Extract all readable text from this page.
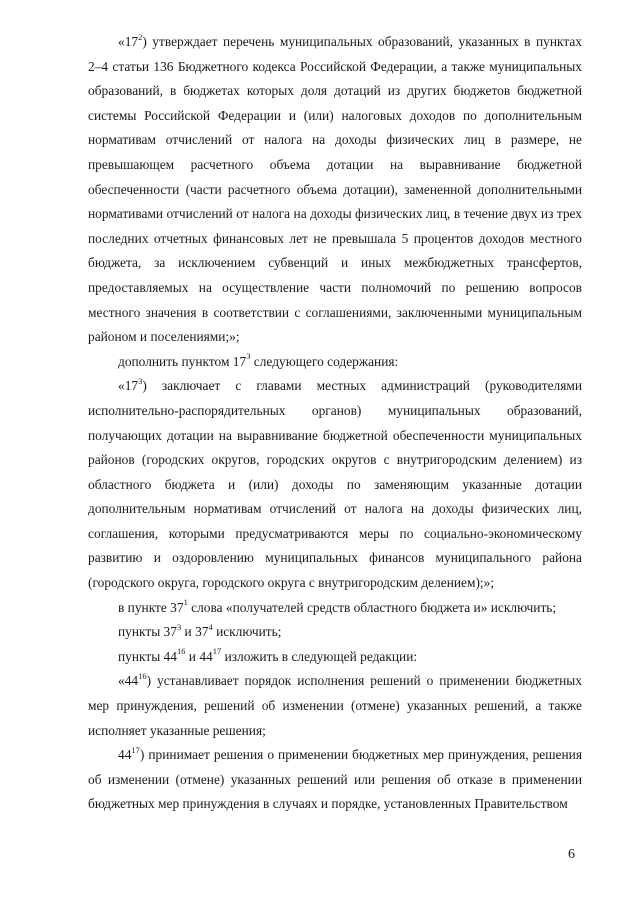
«$17^2$) утверждает перечень муниципальных образований, указанных в пунктах 2–4 статьи 136 Бюджетного кодекса Российской Федерации, а также муниципальных образований, в бюджетах которых доля дотаций из других бюджетов бюджетной системы Российской Федерации и (или) налоговых доходов по дополнительным нормативам отчислений от налога на доходы физических лиц в размере, не превышающем расчетного объема дотации на выравнивание бюджетной обеспеченности (части расчетного объема дотации), замененной дополнительными нормативами отчислений от налога на доходы физических лиц, в течение двух из трех последних отчетных финансовых лет не превышала 5 процентов доходов местного бюджета, за исключением субвенций и иных межбюджетных трансфертов, предоставляемых на осуществление части полномочий по решению вопросов местного значения в соответствии с соглашениями, заключенными муниципальным районом и поселениями;»;

дополнить пунктом $17^3$ следующего содержания:

«$17^3$) заключает с главами местных администраций (руководителями исполнительно-распорядительных органов) муниципальных образований, получающих дотации на выравнивание бюджетной обеспеченности муниципальных районов (городских округов, городских округов с внутригородским делением) из областного бюджета и (или) доходы по заменяющим указанные дотации дополнительным нормативам отчислений от налога на доходы физических лиц, соглашения, которыми предусматриваются меры по социально-экономическому развитию и оздоровлению муниципальных финансов муниципального района (городского округа, городского округа с внутригородским делением);»;

в пункте $37^1$ слова «получателей средств областного бюджета и» исключить;

пункты $37^3$ и $37^4$ исключить;

пункты $44^{16}$ и $44^{17}$ изложить в следующей редакции:

«$44^{16}$) устанавливает порядок исполнения решений о применении бюджетных мер принуждения, решений об изменении (отмене) указанных решений, а также исполняет указанные решения;

$44^{17}$) принимает решения о применении бюджетных мер принуждения, решения об изменении (отмене) указанных решений или решения об отказе в применении бюджетных мер принуждения в случаях и порядке, установленных Правительством

6
